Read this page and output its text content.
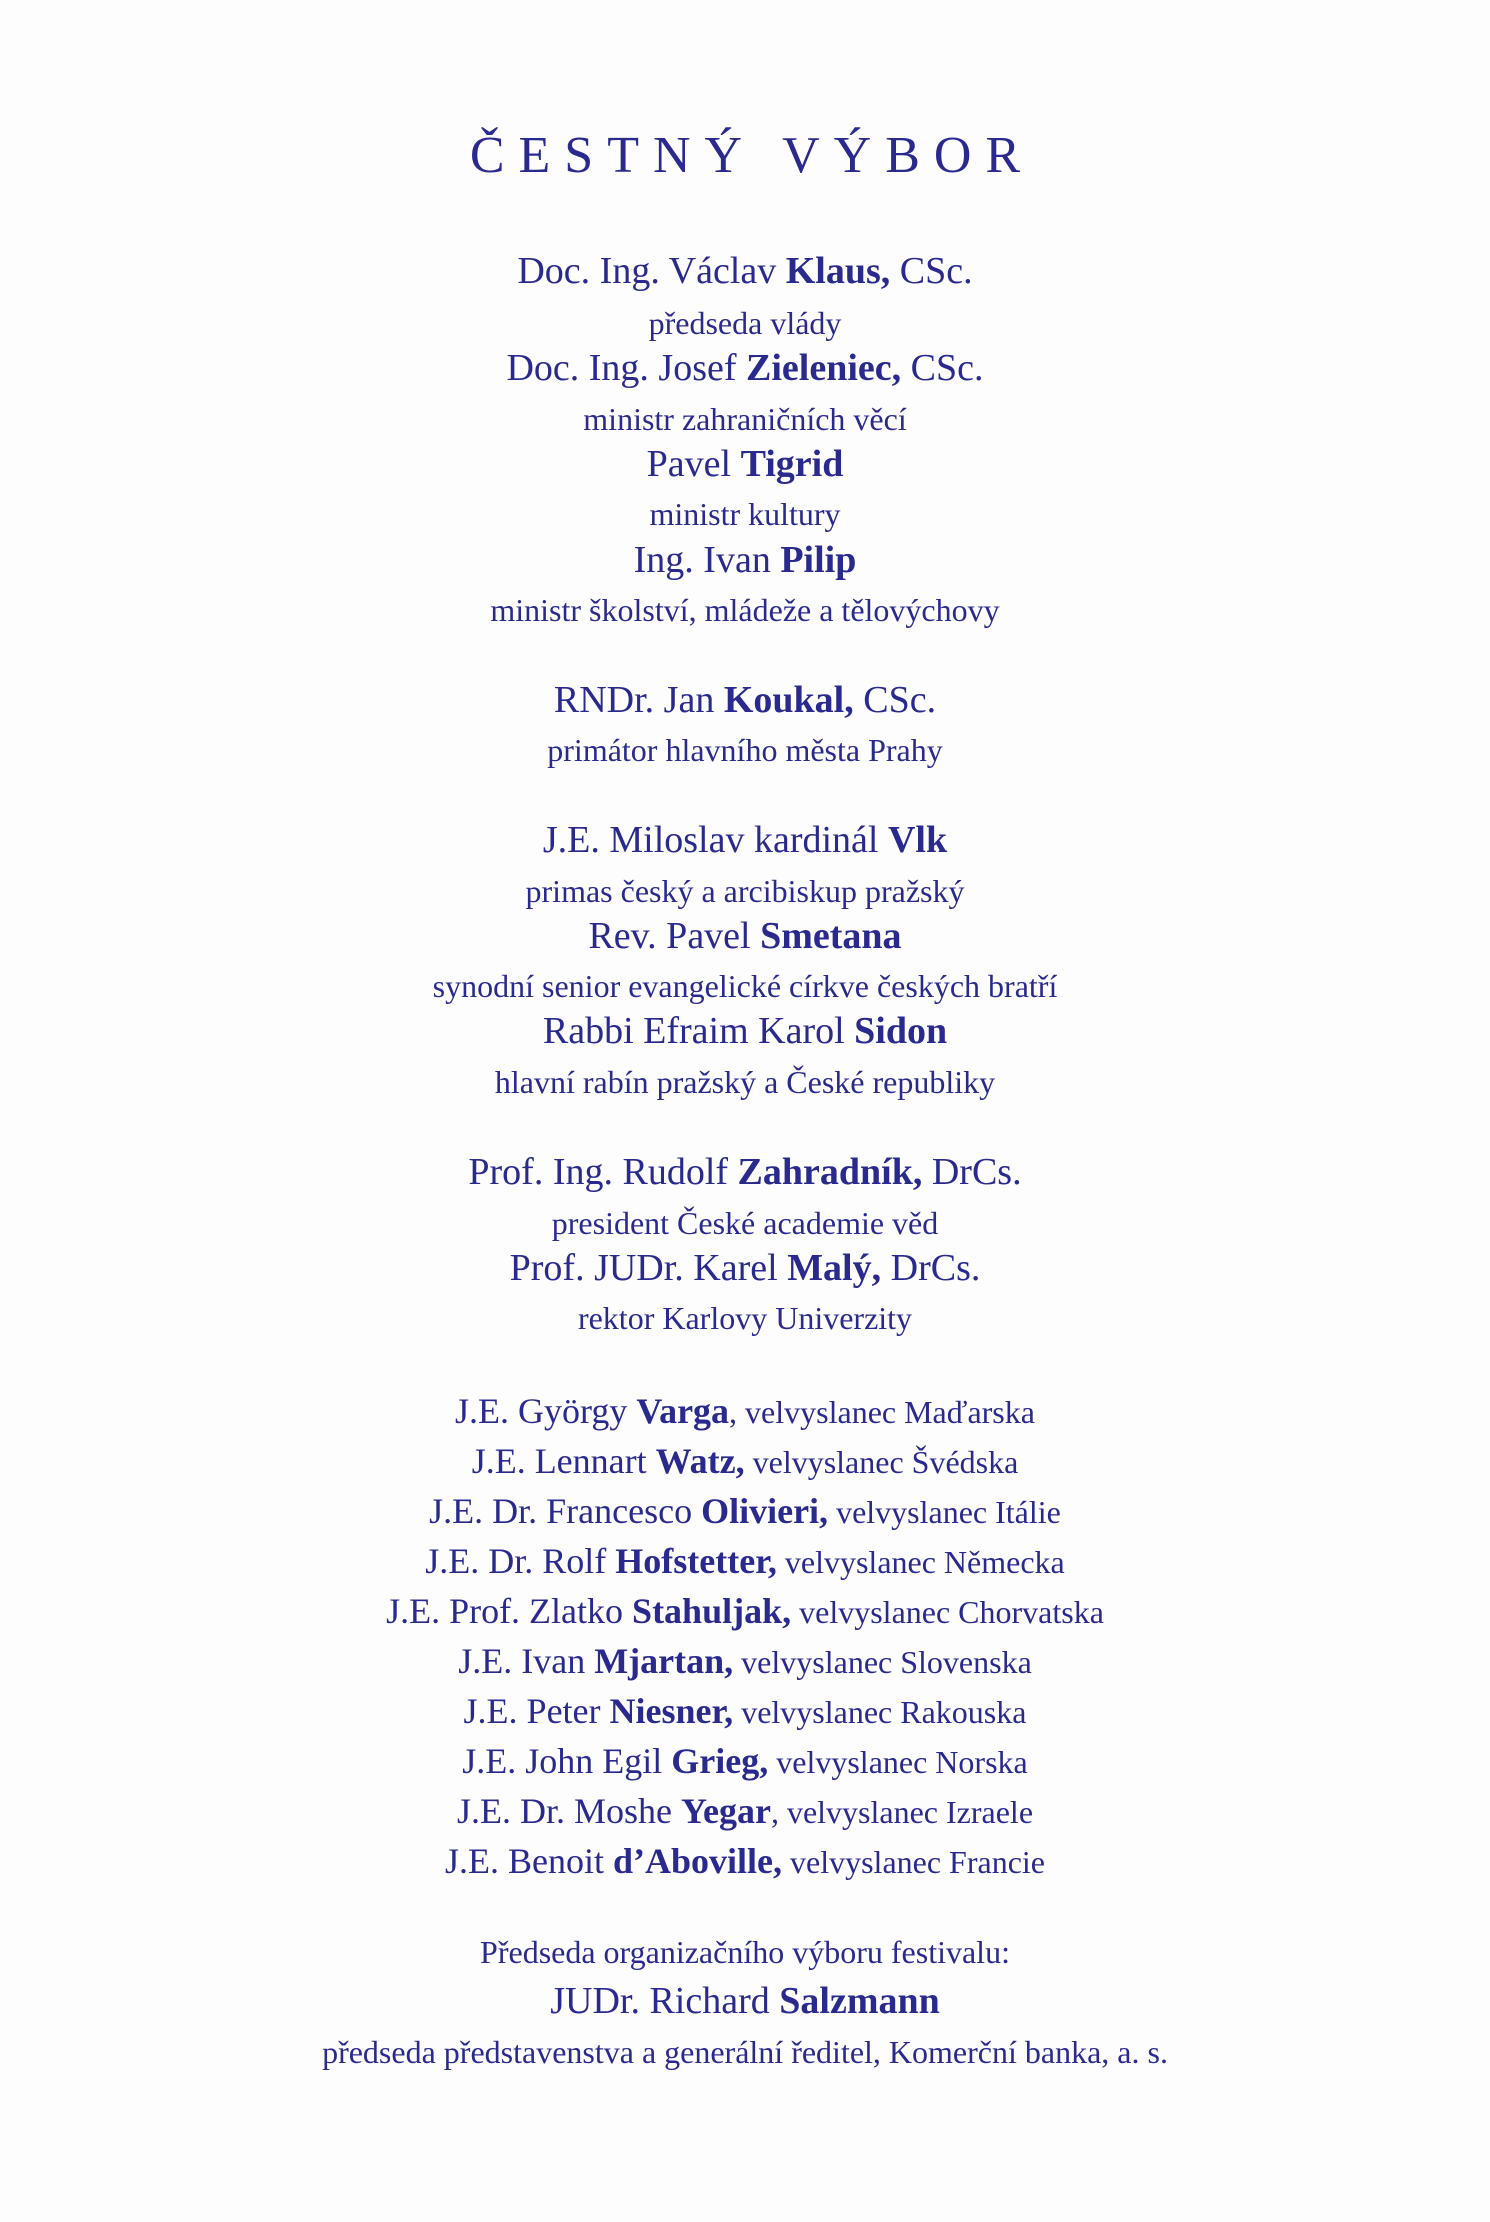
ČESTNÝ VÝBOR
Doc. Ing. Václav Klaus, CSc.
předseda vlády
Doc. Ing. Josef Zieleniec, CSc.
ministr zahraničních věcí
Pavel Tigrid
ministr kultury
Ing. Ivan Pilip
ministr školství, mládeže a tělovýchovy
RNDr. Jan Koukal, CSc.
primátor hlavního města Prahy
J.E. Miloslav kardinál Vlk
primas český a arcibiskup pražský
Rev. Pavel Smetana
synodní senior evangelické církve českých bratří
Rabbi Efraim Karol Sidon
hlavní rabín pražský a České republiky
Prof. Ing. Rudolf Zahradník, DrCs.
president České academie věd
Prof. JUDr. Karel Malý, DrCs.
rektor Karlovy Univerzity
J.E. György Varga, velvyslanec Maďarska
J.E. Lennart Watz, velvyslanec Švédska
J.E. Dr. Francesco Olivieri, velvyslanec Itálie
J.E. Dr. Rolf Hofstetter, velvyslanec Německa
J.E. Prof. Zlatko Stahuljak, velvyslanec Chorvatska
J.E. Ivan Mjartan, velvyslanec Slovenska
J.E. Peter Niesner, velvyslanec Rakouska
J.E. John Egil Grieg, velvyslanec Norska
J.E. Dr. Moshe Yegar, velvyslanec Izraele
J.E. Benoit d’Aboville, velvyslanec Francie
Předseda organizačního výboru festivalu:
JUDr. Richard Salzmann
předseda představenstva a generální ředitel, Komerční banka, a. s.
